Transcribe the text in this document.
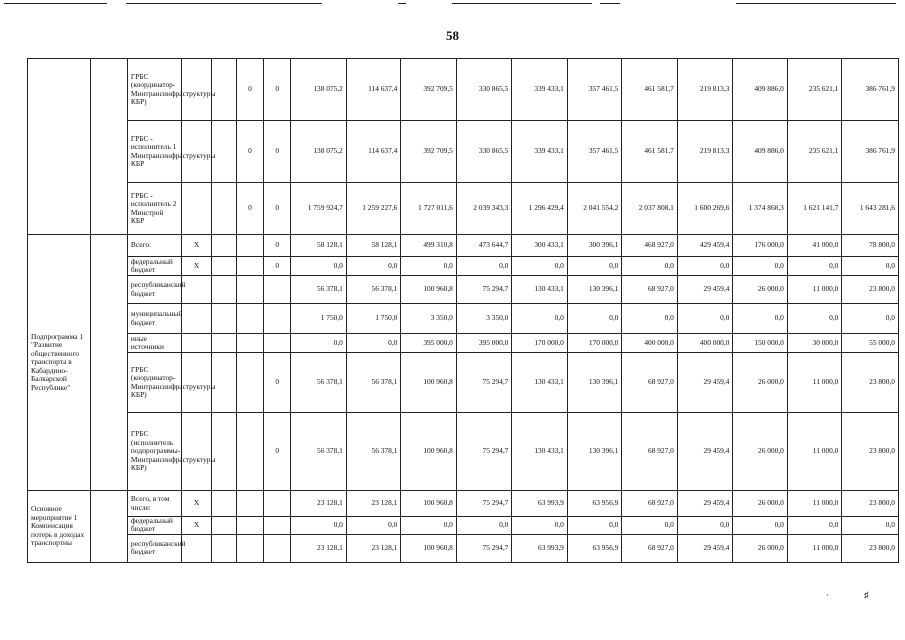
58
		ГРБС (координатор-Минтрансинфраструктуры КБР)			0	0	138 075,2	114 637,4	392 709,5	330 865,5	339 433,1	357 461,5	461 581,7	219 813,3	409 886,0	235 621,1	386 761,9
		ГРБС - исполнитель 1 Минтрансинфраструктуры КБР			0	0	138 075,2	114 637,4	392 709,5	330 865,5	339 433,1	357 461,5	461 581,7	219 813,3	409 886,0	235 621,1	386 761,9
		ГРБС - исполнитель 2 Минстрой КБР			0	0	1 759 924,7	1 259 227,6	1 727 011,6	2 039 343,3	1 296 429,4	2 041 554,2	2 037 808,1	1 600 269,6	1 374 868,3	1 621 141,7	1 643 281,6
Подпрограмма 1 "Развитие общественного транспорта в Кабардино-Балкарской Республике"		Всего:	X			0	58 128,1	58 128,1	499 310,8	473 644,7	300 433,1	300 396,1	468 927,0	429 459,4	176 000,0	41 000,0	78 800,0
		федеральный бюджет	X			0	0,0	0,0	0,0	0,0	0,0	0,0	0,0	0,0	0,0	0,0	0,0
		республиканский бюджет					56 378,1	56 378,1	100 960,8	75 294,7	130 433,1	130 396,1	68 927,0	29 459,4	26 000,0	11 000,0	23 800,0
		муниципальный бюджет					1 750,0	1 750,0	3 350,0	3 350,0	0,0	0,0	0,0	0,0	0,0	0,0	0,0
		иные источники					0,0	0,0	395 000,0	395 000,0	170 000,0	170 000,0	400 000,0	400 000,0	150 000,0	30 000,0	55 000,0
		ГРБС (координатор-Минтрансинфраструктуры КБР)				0	56 378,1	56 378,1	100 960,8	75 294,7	130 433,1	130 396,1	68 927,0	29 459,4	26 000,0	11 000,0	23 800,0
		ГРБС (исполнитель подпрограммы-Минтрансинфраструктуры КБР)				0	56 378,1	56 378,1	100 960,8	75 294,7	130 433,1	130 396,1	68 927,0	29 459,4	26 000,0	11 000,0	23 800,0
Основное мероприятие 1 Компенсация потерь в доходах транспортны		Всего, в том числе:	X				23 128,1	23 128,1	100 960,8	75 294,7	63 993,9	63 956,9	68 927,0	29 459,4	26 000,0	11 000,0	23 800,0
		федеральный бюджет	X				0,0	0,0	0,0	0,0	0,0	0,0	0,0	0,0	0,0	0,0	0,0
		республиканский бюджет					23 128,1	23 128,1	100 960,8	75 294,7	63 993,9	63 956,9	68 927,0	29 459,4	26 000,0	11 000,0	23 800,0
·	♯
